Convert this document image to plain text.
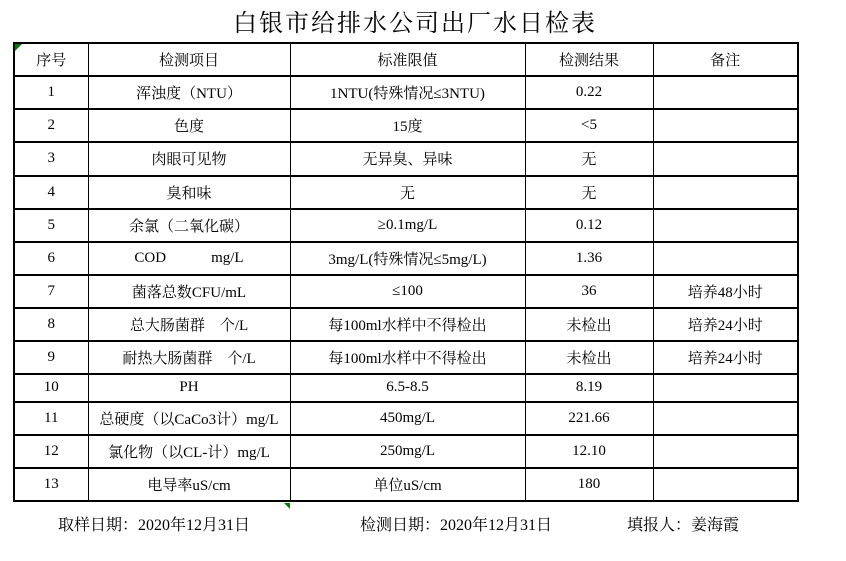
白银市给排水公司出厂水日检表
序号	检测项目	标准限值	检测结果	备注
1	浑浊度（NTU）	1NTU(特殊情况≤3NTU)	0.22	
2	色度	15度	<5	
3	肉眼可见物	无异臭、异味	无	
4	臭和味	无	无	
5	余氯（二氧化碳）	≥0.1mg/L	0.12	
6	COD            mg/L	3mg/L(特殊情况≤5mg/L)	1.36	
7	菌落总数CFU/mL	≤100	36	培养48小时
8	总大肠菌群　个/L	每100ml水样中不得检出	未检出	培养24小时
9	耐热大肠菌群　个/L	每100ml水样中不得检出	未检出	培养24小时
10	PH	6.5-8.5	8.19	
11	总硬度（以CaCo3计）mg/L	450mg/L	221.66	
12	氯化物（以CL-计）mg/L	250mg/L	12.10	
13	电导率uS/cm	单位uS/cm	180	
取样日期：2020年12月31日	检测日期：2020年12月31日	填报人：姜海霞
